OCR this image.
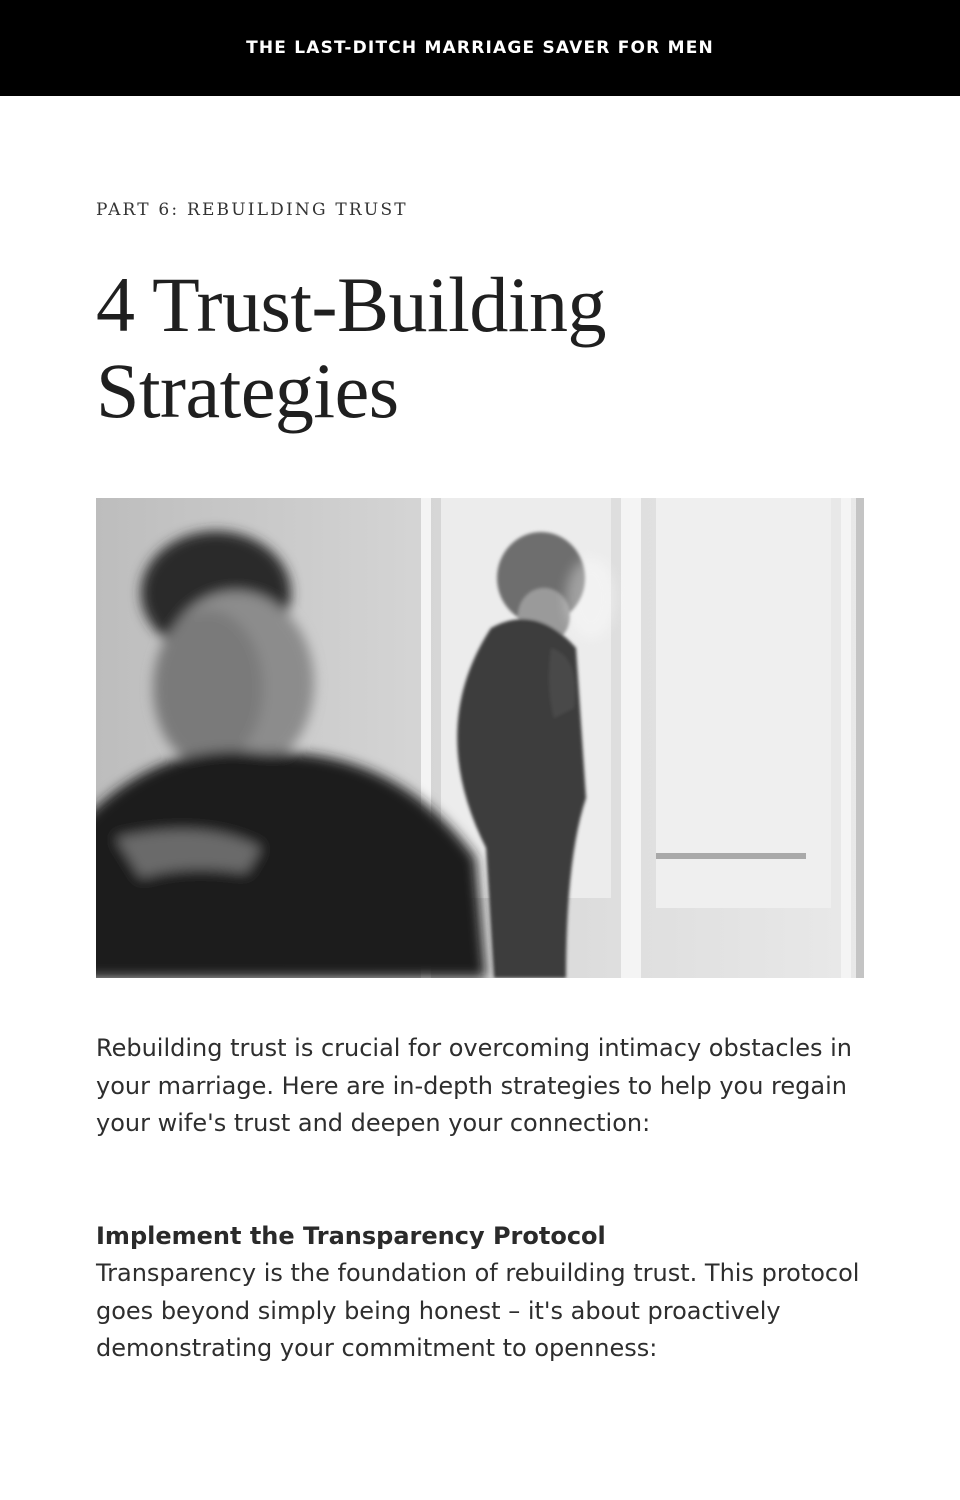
THE LAST-DITCH MARRIAGE SAVER FOR MEN
PART 6: REBUILDING TRUST
4 Trust-Building Strategies

Rebuilding trust is crucial for overcoming intimacy obstacles in your marriage. Here are in-depth strategies to help you regain your wife's trust and deepen your connection:

Implement the Transparency Protocol

Transparency is the foundation of rebuilding trust. This protocol goes beyond simply being honest – it's about proactively demonstrating your commitment to openness:
